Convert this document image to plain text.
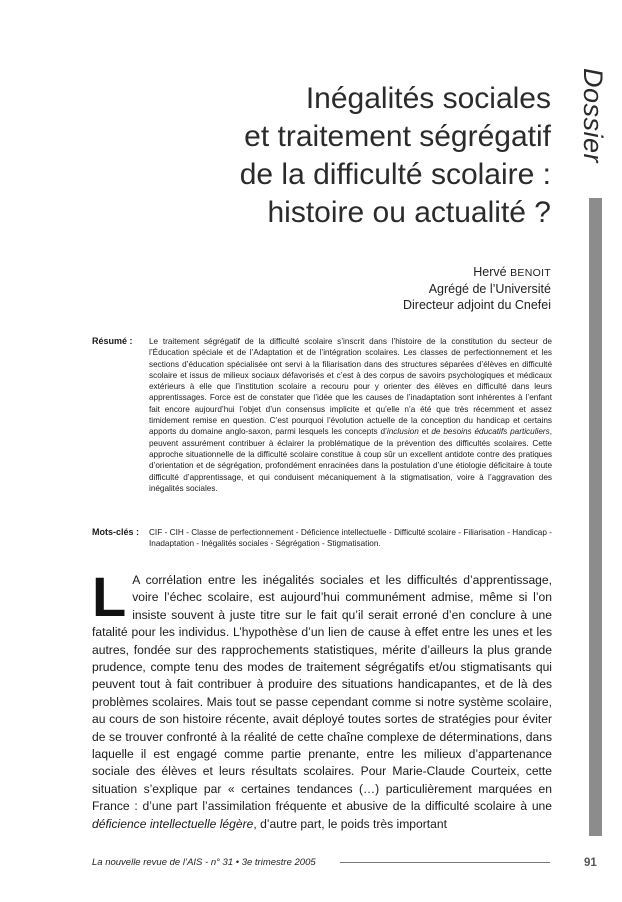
Dossier
Inégalités sociales
et traitement ségrégatif
de la difficulté scolaire :
histoire ou actualité ?
Hervé BENOIT
Agrégé de l’Université
Directeur adjoint du Cnefei
Résumé :	Le traitement ségrégatif de la difficulté scolaire s’inscrit dans l’histoire de la constitution du secteur de l’Éducation spéciale et de l’Adaptation et de l’intégration scolaires. Les classes de perfectionnement et les sections d’éducation spécialisée ont servi à la filiarisation dans des structures séparées d’élèves en difficulté scolaire et issus de milieux sociaux défavorisés et c’est à des corpus de savoirs psychologiques et médicaux extérieurs à elle que l’institution scolaire a recouru pour y orienter des élèves en difficulté dans leurs apprentissages. Force est de constater que l’idée que les causes de l’inadaptation sont inhérentes à l’enfant fait encore aujourd’hui l’objet d’un consensus implicite et qu’elle n’a été que très récemment et assez timidement remise en question. C’est pourquoi l’évolution actuelle de la conception du handicap et certains apports du domaine anglo-saxon, parmi lesquels les concepts d’inclusion et de besoins éducatifs particuliers, peuvent assurément contribuer à éclairer la problématique de la prévention des difficultés scolaires. Cette approche situationnelle de la difficulté scolaire constitue à coup sûr un excellent antidote contre des pratiques d’orientation et de ségrégation, profondément enracinées dans la postulation d’une étiologie déficitaire à toute difficulté d’apprentissage, et qui conduisent mécaniquement à la stigmatisation, voire à l’aggravation des inégalités sociales.
Mots-clés :	CIF - CIH - Classe de perfectionnement - Déficience intellectuelle - Difficulté scolaire - Filiarisation - Handicap - Inadaptation - Inégalités sociales - Ségrégation - Stigmatisation.
L A corrélation entre les inégalités sociales et les difficultés d’apprentissage, voire l’échec scolaire, est aujourd’hui communément admise, même si l’on insiste souvent à juste titre sur le fait qu’il serait erroné d’en conclure à une fatalité pour les individus. L’hypothèse d’un lien de cause à effet entre les unes et les autres, fondée sur des rapprochements statistiques, mérite d’ailleurs la plus grande prudence, compte tenu des modes de traitement ségrégatifs et/ou stigmatisants qui peuvent tout à fait contribuer à produire des situations handicapantes, et de là des problèmes scolaires. Mais tout se passe cependant comme si notre système scolaire, au cours de son histoire récente, avait déployé toutes sortes de stratégies pour éviter de se trouver confronté à la réalité de cette chaîne complexe de déterminations, dans laquelle il est engagé comme partie prenante, entre les milieux d’appartenance sociale des élèves et leurs résultats scolaires. Pour Marie-Claude Courteix, cette situation s’explique par « certaines tendances (…) particulièrement marquées en France : d’une part l’assimilation fréquente et abusive de la difficulté scolaire à une déficience intellectuelle légère, d’autre part, le poids très important
La nouvelle revue de l’AIS - n° 31 • 3e trimestre 2005	91
